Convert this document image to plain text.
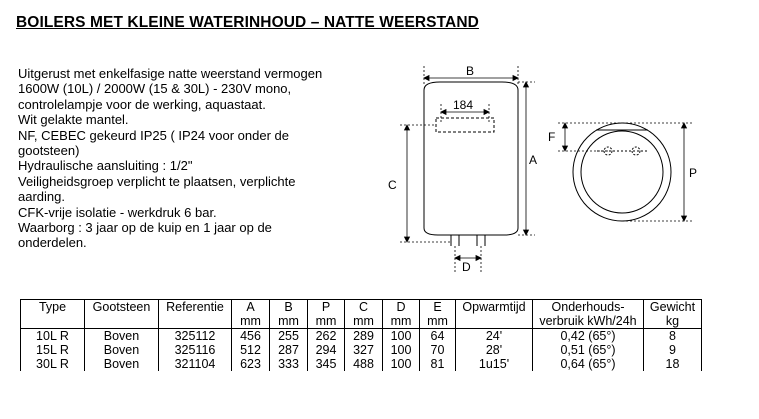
BOILERS MET KLEINE WATERINHOUD – NATTE WEERSTAND
Uitgerust met enkelfasige natte weerstand vermogen
1600W (10L) / 2000W (15 & 30L) - 230V mono,
controlelampje voor de werking, aquastaat.
Wit gelakte mantel.
NF, CEBEC gekeurd IP25 ( IP24 voor onder de
gootsteen)
Hydraulische aansluiting : 1/2"
Veiligheidsgroep verplicht te plaatsen, verplichte
aarding.
CFK-vrije isolatie - werkdruk 6 bar.
Waarborg : 3 jaar op de kuip en 1 jaar op de
onderdelen.
B
184
A
C
D
F
P
Type	Gootsteen	Referentie	A	B	P	C	D	E	Opwarmtijd	Onderhouds-	Gewicht
			mm	mm	mm	mm	mm	mm		verbruik kWh/24h	kg
10L R	Boven	325112	456	255	262	289	100	64	24'	0,42 (65°)	8
15L R	Boven	325116	512	287	294	327	100	70	28'	0,51 (65°)	9
30L R	Boven	321104	623	333	345	488	100	81	1u15'	0,64 (65°)	18
